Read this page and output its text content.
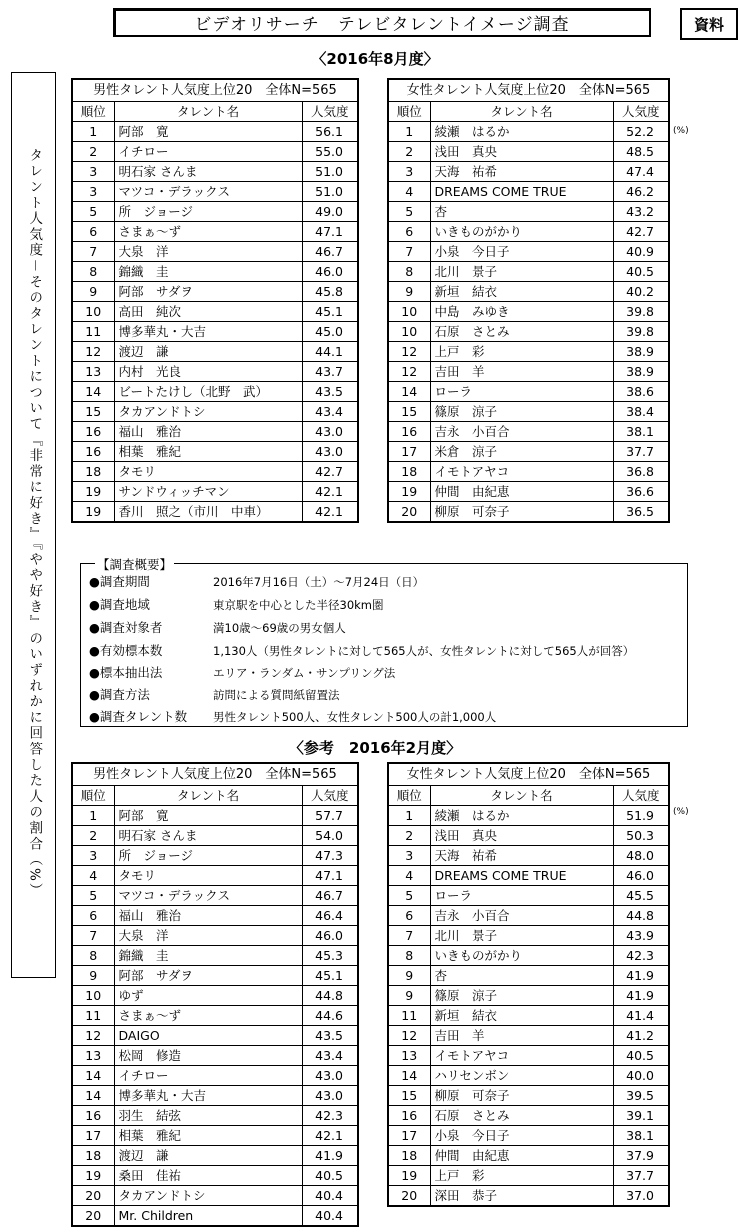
ビデオリサーチ　テレビタレントイメージ調査	資料
タレント人気度－そのタレントについて『非常に好き』『やや好き』のいずれかに回答した人の割合（%）
〈2016年8月度〉
男性タレント人気度上位20　全体N=565		
順位	タレント名	人気度
1	阿部　寛	56.1
2	イチロー	55.0
3	明石家 さんま	51.0
3	マツコ・デラックス	51.0
5	所　ジョージ	49.0
6	さまぁ～ず	47.1
7	大泉　洋	46.7
8	錦織　圭	46.0
9	阿部　サダヲ	45.8
10	高田　純次	45.1
11	博多華丸・大吉	45.0
12	渡辺　謙	44.1
13	内村　光良	43.7
14	ビートたけし（北野　武）	43.5
15	タカアンドトシ	43.4
16	福山　雅治	43.0
16	相葉　雅紀	43.0
18	タモリ	42.7
19	サンドウィッチマン	42.1
19	香川　照之（市川　中車）	42.1
女性タレント人気度上位20　全体N=565		
順位	タレント名	人気度
1	綾瀬　はるか	52.2
2	浅田　真央	48.5
3	天海　祐希	47.4
4	DREAMS COME TRUE	46.2
5	杏	43.2
6	いきものがかり	42.7
7	小泉　今日子	40.9
8	北川　景子	40.5
9	新垣　結衣	40.2
10	中島　みゆき	39.8
10	石原　さとみ	39.8
12	上戸　彩	38.9
12	吉田　羊	38.9
14	ローラ	38.6
15	篠原　涼子	38.4
16	吉永　小百合	38.1
17	米倉　涼子	37.7
18	イモトアヤコ	36.8
19	仲間　由紀恵	36.6
20	柳原　可奈子	36.5
(%)
【調査概要】
●調査期間	2016年7月16日（土）～7月24日（日）
●調査地域	東京駅を中心とした半径30km圏
●調査対象者	満10歳～69歳の男女個人
●有効標本数	1,130人（男性タレントに対して565人が、女性タレントに対して565人が回答）
●標本抽出法	エリア・ランダム・サンプリング法
●調査方法	訪問による質問紙留置法
●調査タレント数 男性タレント500人、女性タレント500人の計1,000人
〈参考　2016年2月度〉
男性タレント人気度上位20　全体N=565		
順位	タレント名	人気度
1	阿部　寛	57.7
2	明石家 さんま	54.0
3	所　ジョージ	47.3
4	タモリ	47.1
5	マツコ・デラックス	46.7
6	福山　雅治	46.4
7	大泉　洋	46.0
8	錦織　圭	45.3
9	阿部　サダヲ	45.1
10	ゆず	44.8
11	さまぁ～ず	44.6
12	DAIGO	43.5
13	松岡　修造	43.4
14	イチロー	43.0
14	博多華丸・大吉	43.0
16	羽生　結弦	42.3
17	相葉　雅紀	42.1
18	渡辺　謙	41.9
19	桑田　佳祐	40.5
20	タカアンドトシ	40.4
20	Mr. Children	40.4
女性タレント人気度上位20　全体N=565		
順位	タレント名	人気度
1	綾瀬　はるか	51.9
2	浅田　真央	50.3
3	天海　祐希	48.0
4	DREAMS COME TRUE	46.0
5	ローラ	45.5
6	吉永　小百合	44.8
7	北川　景子	43.9
8	いきものがかり	42.3
9	杏	41.9
9	篠原　涼子	41.9
11	新垣　結衣	41.4
12	吉田　羊	41.2
13	イモトアヤコ	40.5
14	ハリセンボン	40.0
15	柳原　可奈子	39.5
16	石原　さとみ	39.1
17	小泉　今日子	38.1
18	仲間　由紀恵	37.9
19	上戸　彩	37.7
20	深田　恭子	37.0
(%)
